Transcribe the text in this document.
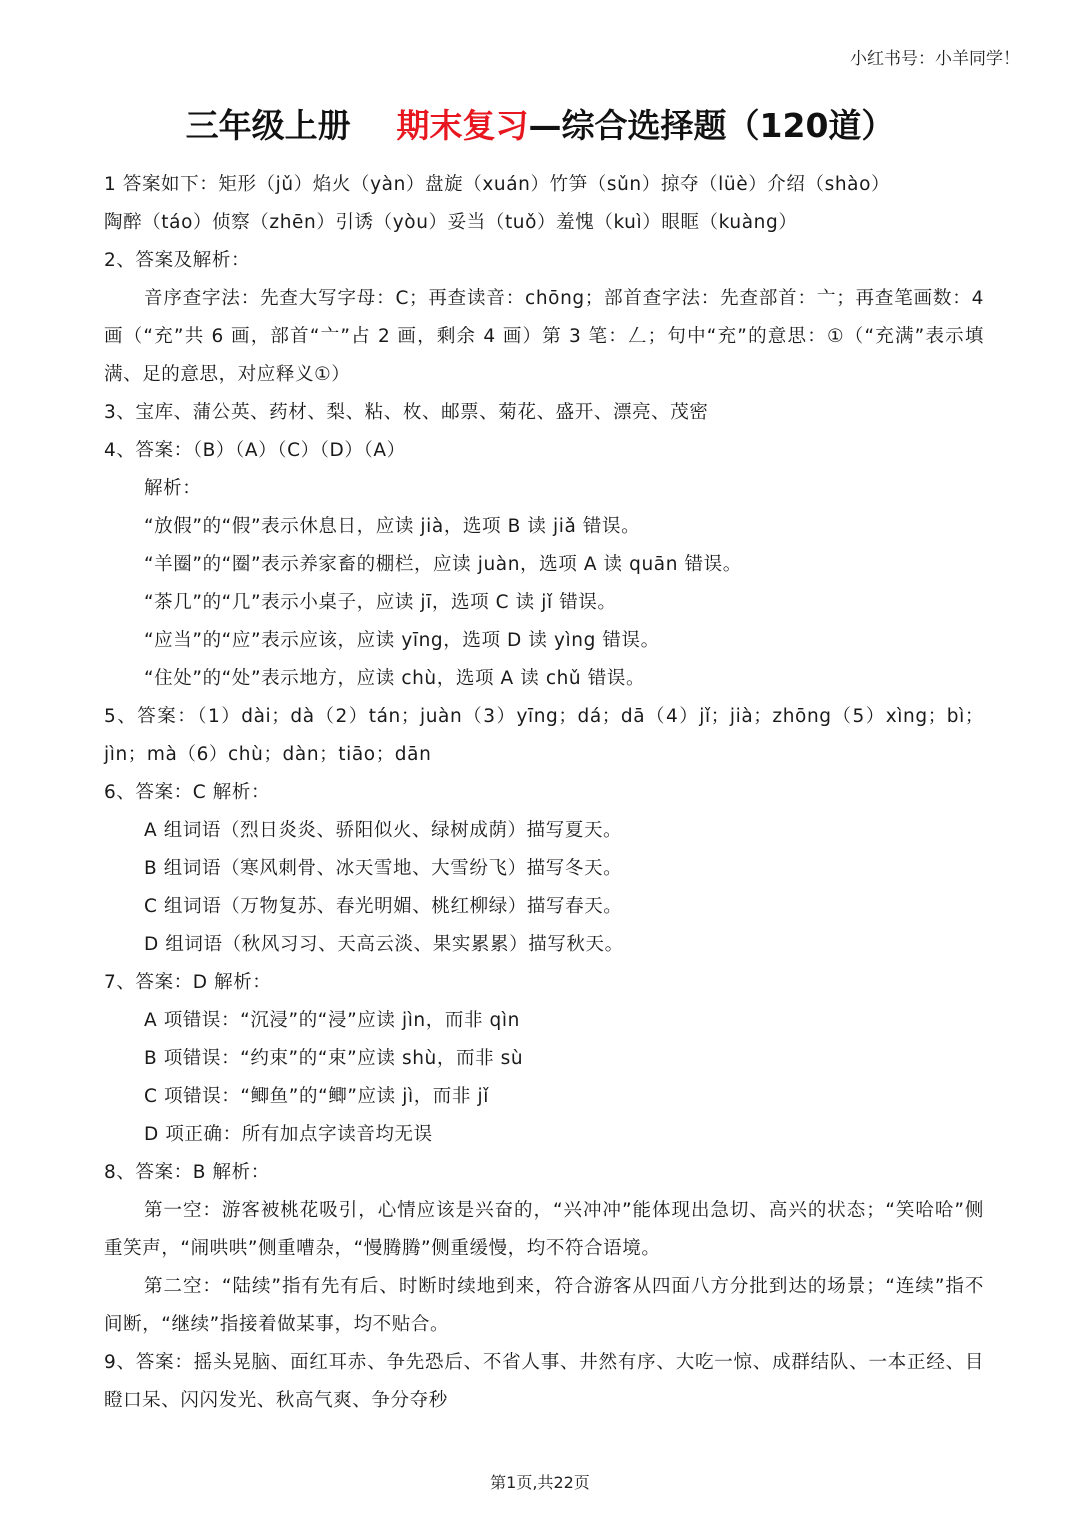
小红书号：小羊同学！
三年级上册 期末复习—综合选择题（120道）

1 答案如下：矩形（jǔ）焰火（yàn）盘旋（xuán）竹笋（sǔn）掠夺（lüè）介绍（shào）

陶醉（táo）侦察（zhēn）引诱（yòu）妥当（tuǒ）羞愧（kuì）眼眶（kuàng）

2、答案及解析：

音序查字法：先查大写字母：C；再查读音：chōng；部首查字法：先查部首：亠；再查笔画数：4 画（“充”共 6 画，部首“亠”占 2 画，剩余 4 画）第 3 笔：𠃋；句中“充”的意思：①（“充满”表示填满、足的意思，对应释义①）

3、宝库、蒲公英、药材、梨、粘、枚、邮票、菊花、盛开、漂亮、茂密

4、答案：（B）（A）（C）（D）（A）

解析：

“放假”的“假”表示休息日，应读 jià，选项 B 读 jiǎ 错误。

“羊圈”的“圈”表示养家畜的棚栏，应读 juàn，选项 A 读 quān 错误。

“茶几”的“几”表示小桌子，应读 jī，选项 C 读 jǐ 错误。

“应当”的“应”表示应该，应读 yīng，选项 D 读 yìng 错误。

“住处”的“处”表示地方，应读 chù，选项 A 读 chǔ 错误。

5、答案：（1）dài；dà（2）tán；juàn（3）yīng；dá；dā（4）jǐ；jià；zhōng（5）xìng；bì；jìn；mà（6）chù；dàn；tiāo；dān

6、答案：C 解析：

A 组词语（烈日炎炎、骄阳似火、绿树成荫）描写夏天。

B 组词语（寒风刺骨、冰天雪地、大雪纷飞）描写冬天。

C 组词语（万物复苏、春光明媚、桃红柳绿）描写春天。

D 组词语（秋风习习、天高云淡、果实累累）描写秋天。

7、答案：D 解析：

A 项错误：“沉浸”的“浸”应读 jìn，而非 qìn

B 项错误：“约束”的“束”应读 shù，而非 sù

C 项错误：“鲫鱼”的“鲫”应读 jì，而非 jǐ

D 项正确：所有加点字读音均无误

8、答案：B 解析：

第一空：游客被桃花吸引，心情应该是兴奋的，“兴冲冲”能体现出急切、高兴的状态；“笑哈哈”侧重笑声，“闹哄哄”侧重嘈杂，“慢腾腾”侧重缓慢，均不符合语境。

第二空：“陆续”指有先有后、时断时续地到来，符合游客从四面八方分批到达的场景；“连续”指不间断，“继续”指接着做某事，均不贴合。

9、答案：摇头晃脑、面红耳赤、争先恐后、不省人事、井然有序、大吃一惊、成群结队、一本正经、目瞪口呆、闪闪发光、秋高气爽、争分夺秒

第1页,共22页
